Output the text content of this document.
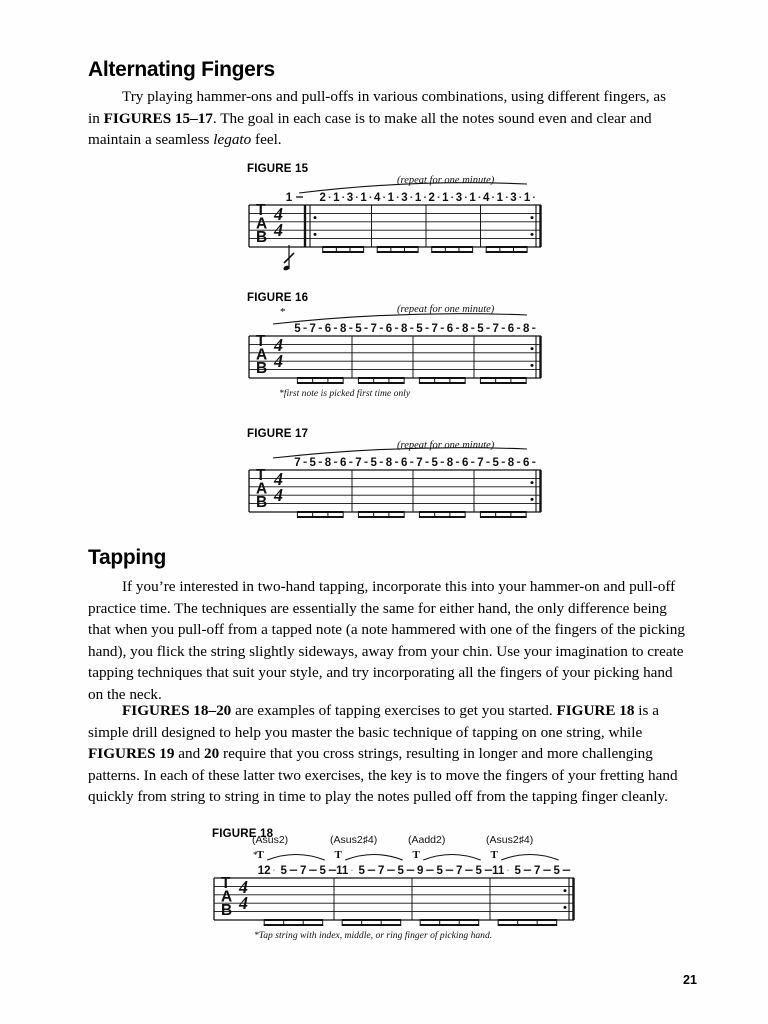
Alternating Fingers
Try playing hammer-ons and pull-offs in various combinations, using different fingers, as in FIGURES 15–17. The goal in each case is to make all the notes sound even and clear and maintain a seamless legato feel.
FIGURE 15
(repeat for one minute)
T
A
B
4
4
1 2 1 3 1 4 1 3 1 2 1 3 1 4 1 3 1
FIGURE 16
(repeat for one minute)
*
T
A
B
4
4
5 7 6 8 5 7 6 8 5 7 6 8 5 7 6 8
*first note is picked first time only
FIGURE 17
(repeat for one minute)
T
A
B
4
4
7 5 8 6 7 5 8 6 7 5 8 6 7 5 8 6
Tapping
If you’re interested in two-hand tapping, incorporate this into your hammer-on and pull-off practice time. The techniques are essentially the same for either hand, the only difference being that when you pull-off from a tapped note (a note hammered with one of the fingers of the picking hand), you flick the string slightly sideways, away from your chin. Use your imagination to create tapping techniques that suit your style, and try incorporating all the fingers of your picking hand on the neck.
FIGURES 18–20 are examples of tapping exercises to get you started. FIGURE 18 is a simple drill designed to help you master the basic technique of tapping on one string, while FIGURES 19 and 20 require that you cross strings, resulting in longer and more challenging patterns. In each of these latter two exercises, the key is to move the fingers of your fretting hand quickly from string to string in time to play the notes pulled off from the tapping finger cleanly.
FIGURE 18
*
T
A
B
4
4
12 5 7 5
(Asus2)
T
11 5 7 5
(Asus2♯4)
T
9 5 7 5
(Aadd2)
T
11 5 7 5
(Asus2♯4)
T
*Tap string with index, middle, or ring finger of picking hand.
21
